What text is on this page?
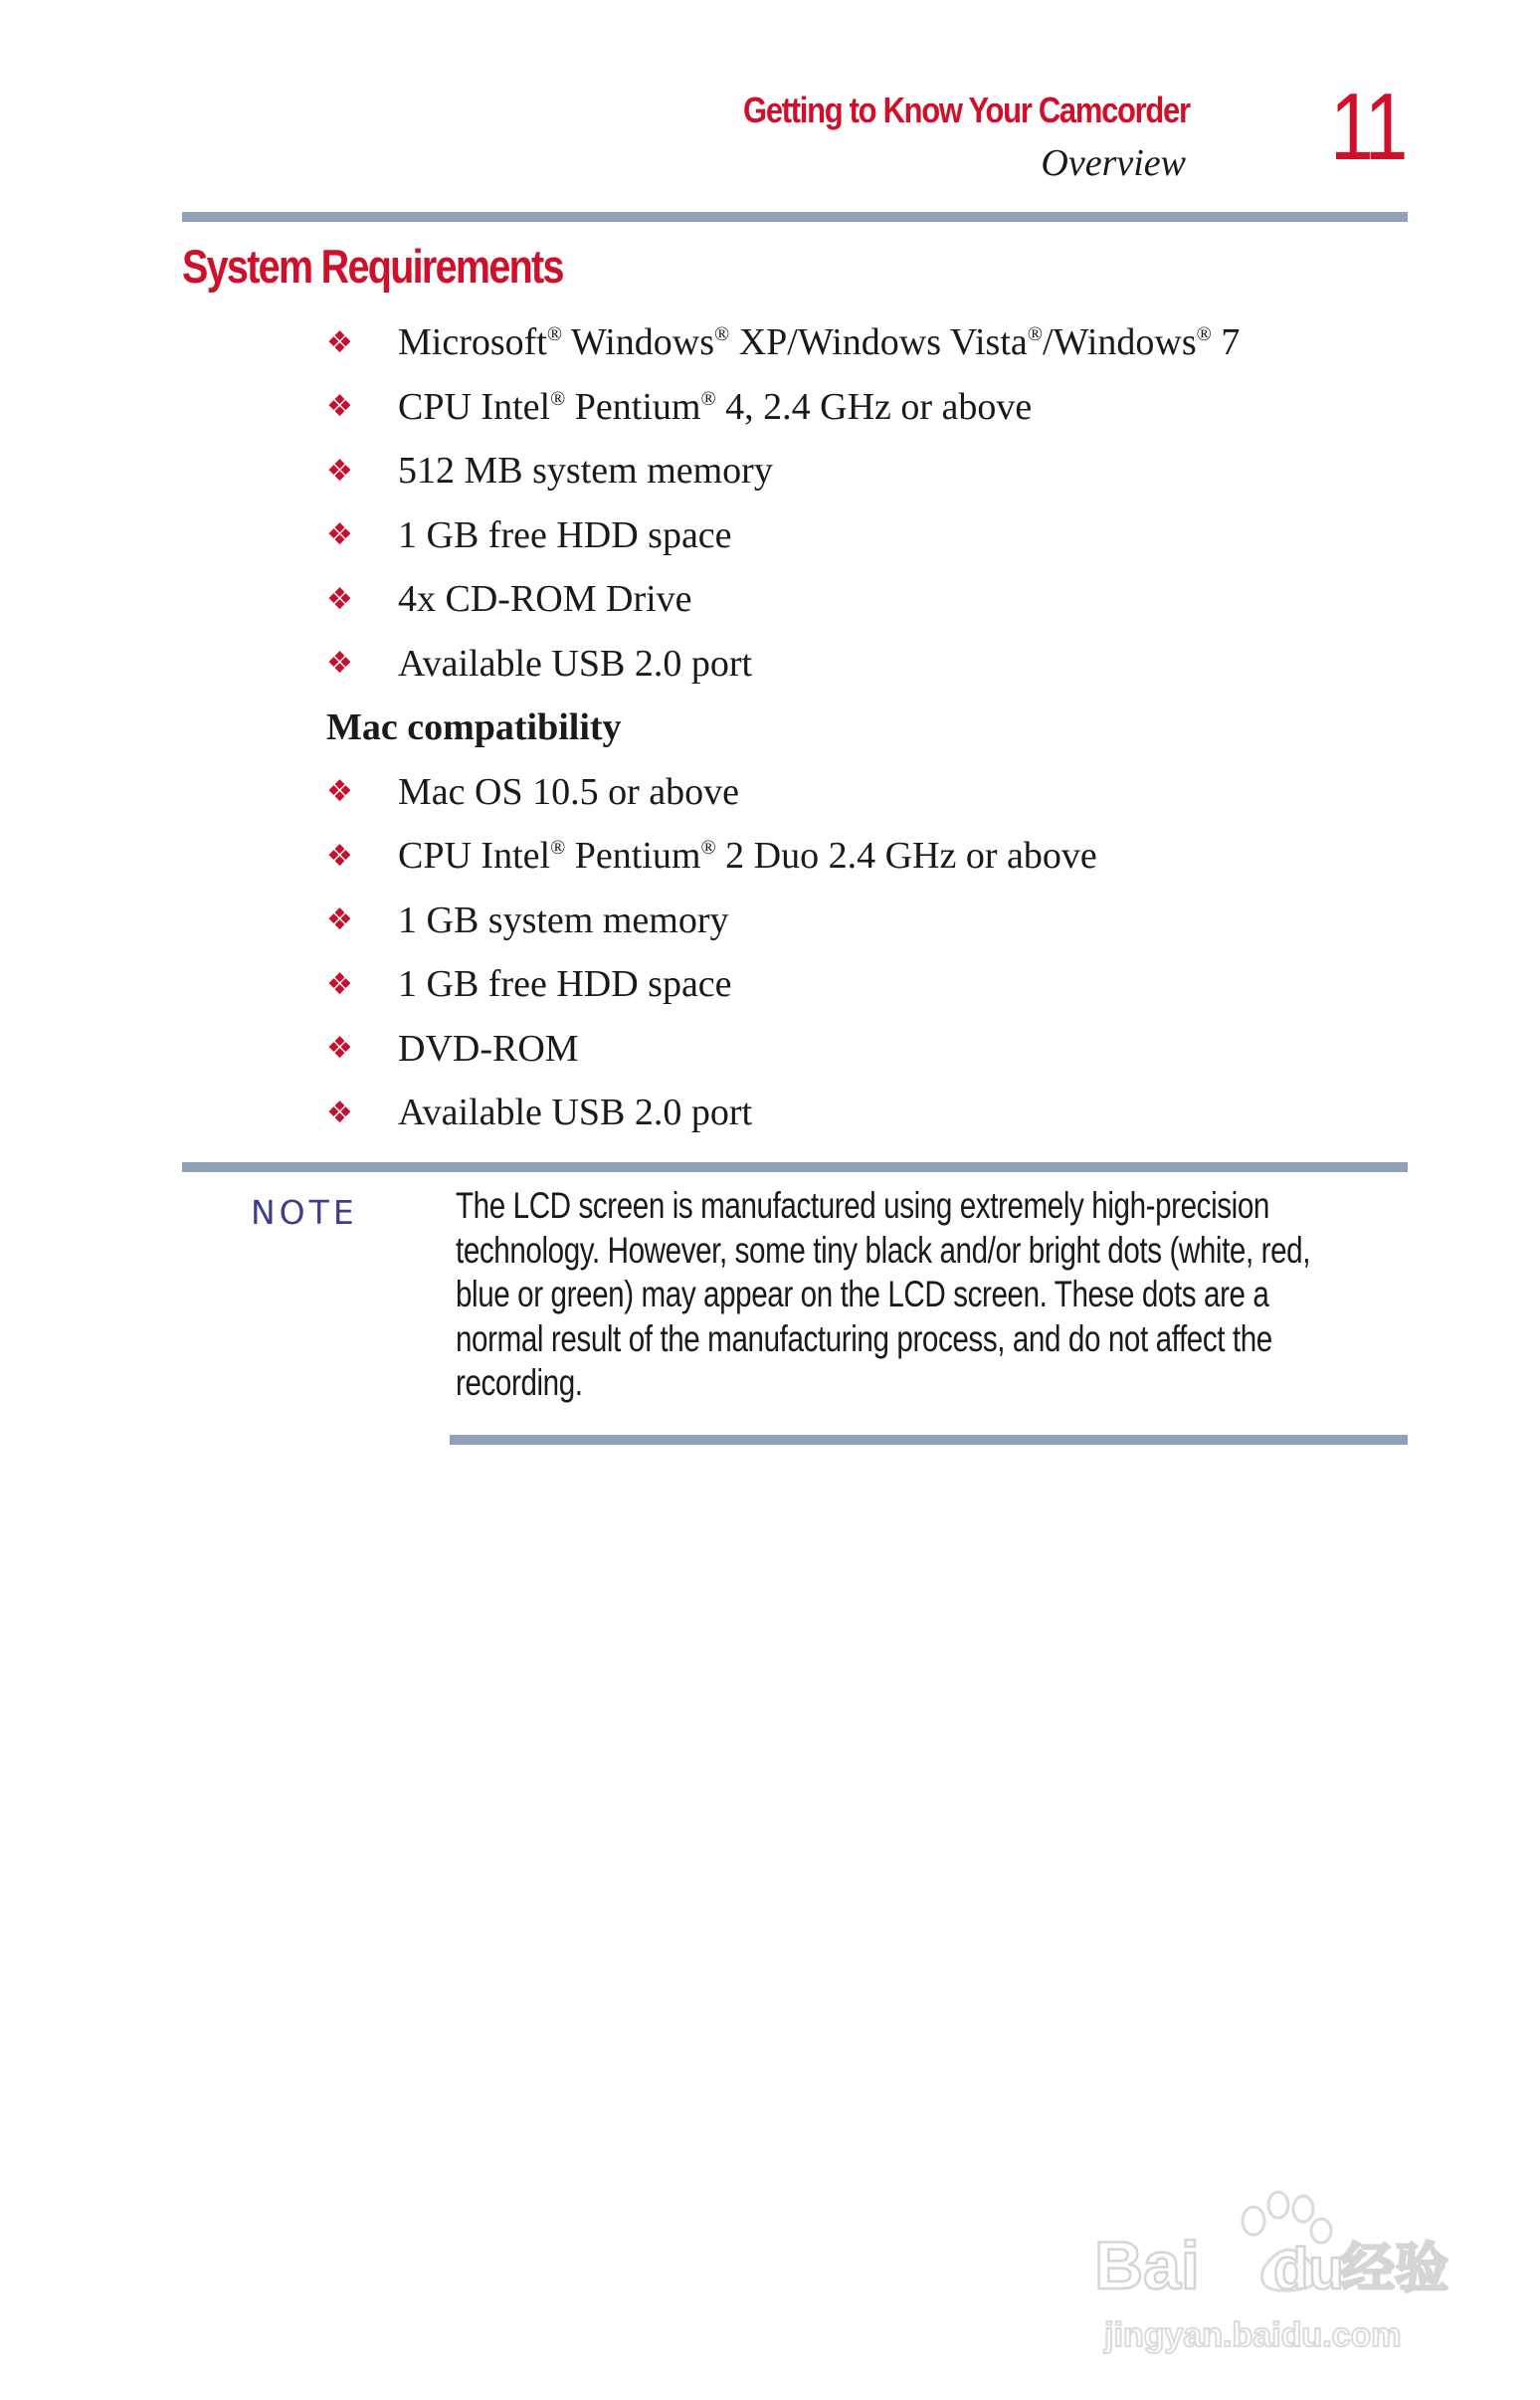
Getting to Know Your Camcorder
Overview 11
System Requirements
❖	Microsoft® Windows® XP/Windows Vista®/Windows® 7
❖	CPU Intel® Pentium® 4, 2.4 GHz or above
❖	512 MB system memory
❖	1 GB free HDD space
❖	4x CD-ROM Drive
❖	Available USB 2.0 port
Mac compatibility
❖	Mac OS 10.5 or above
❖	CPU Intel® Pentium® 2 Duo 2.4 GHz or above
❖	1 GB system memory
❖	1 GB free HDD space
❖	DVD-ROM
❖	Available USB 2.0 port
NOTE	The LCD screen is manufactured using extremely high-precision
technology. However, some tiny black and/or bright dots (white, red,
blue or green) may appear on the LCD screen. These dots are a
normal result of the manufacturing process, and do not affect the
recording.
Bai du
经验
jingyan.baidu.com
